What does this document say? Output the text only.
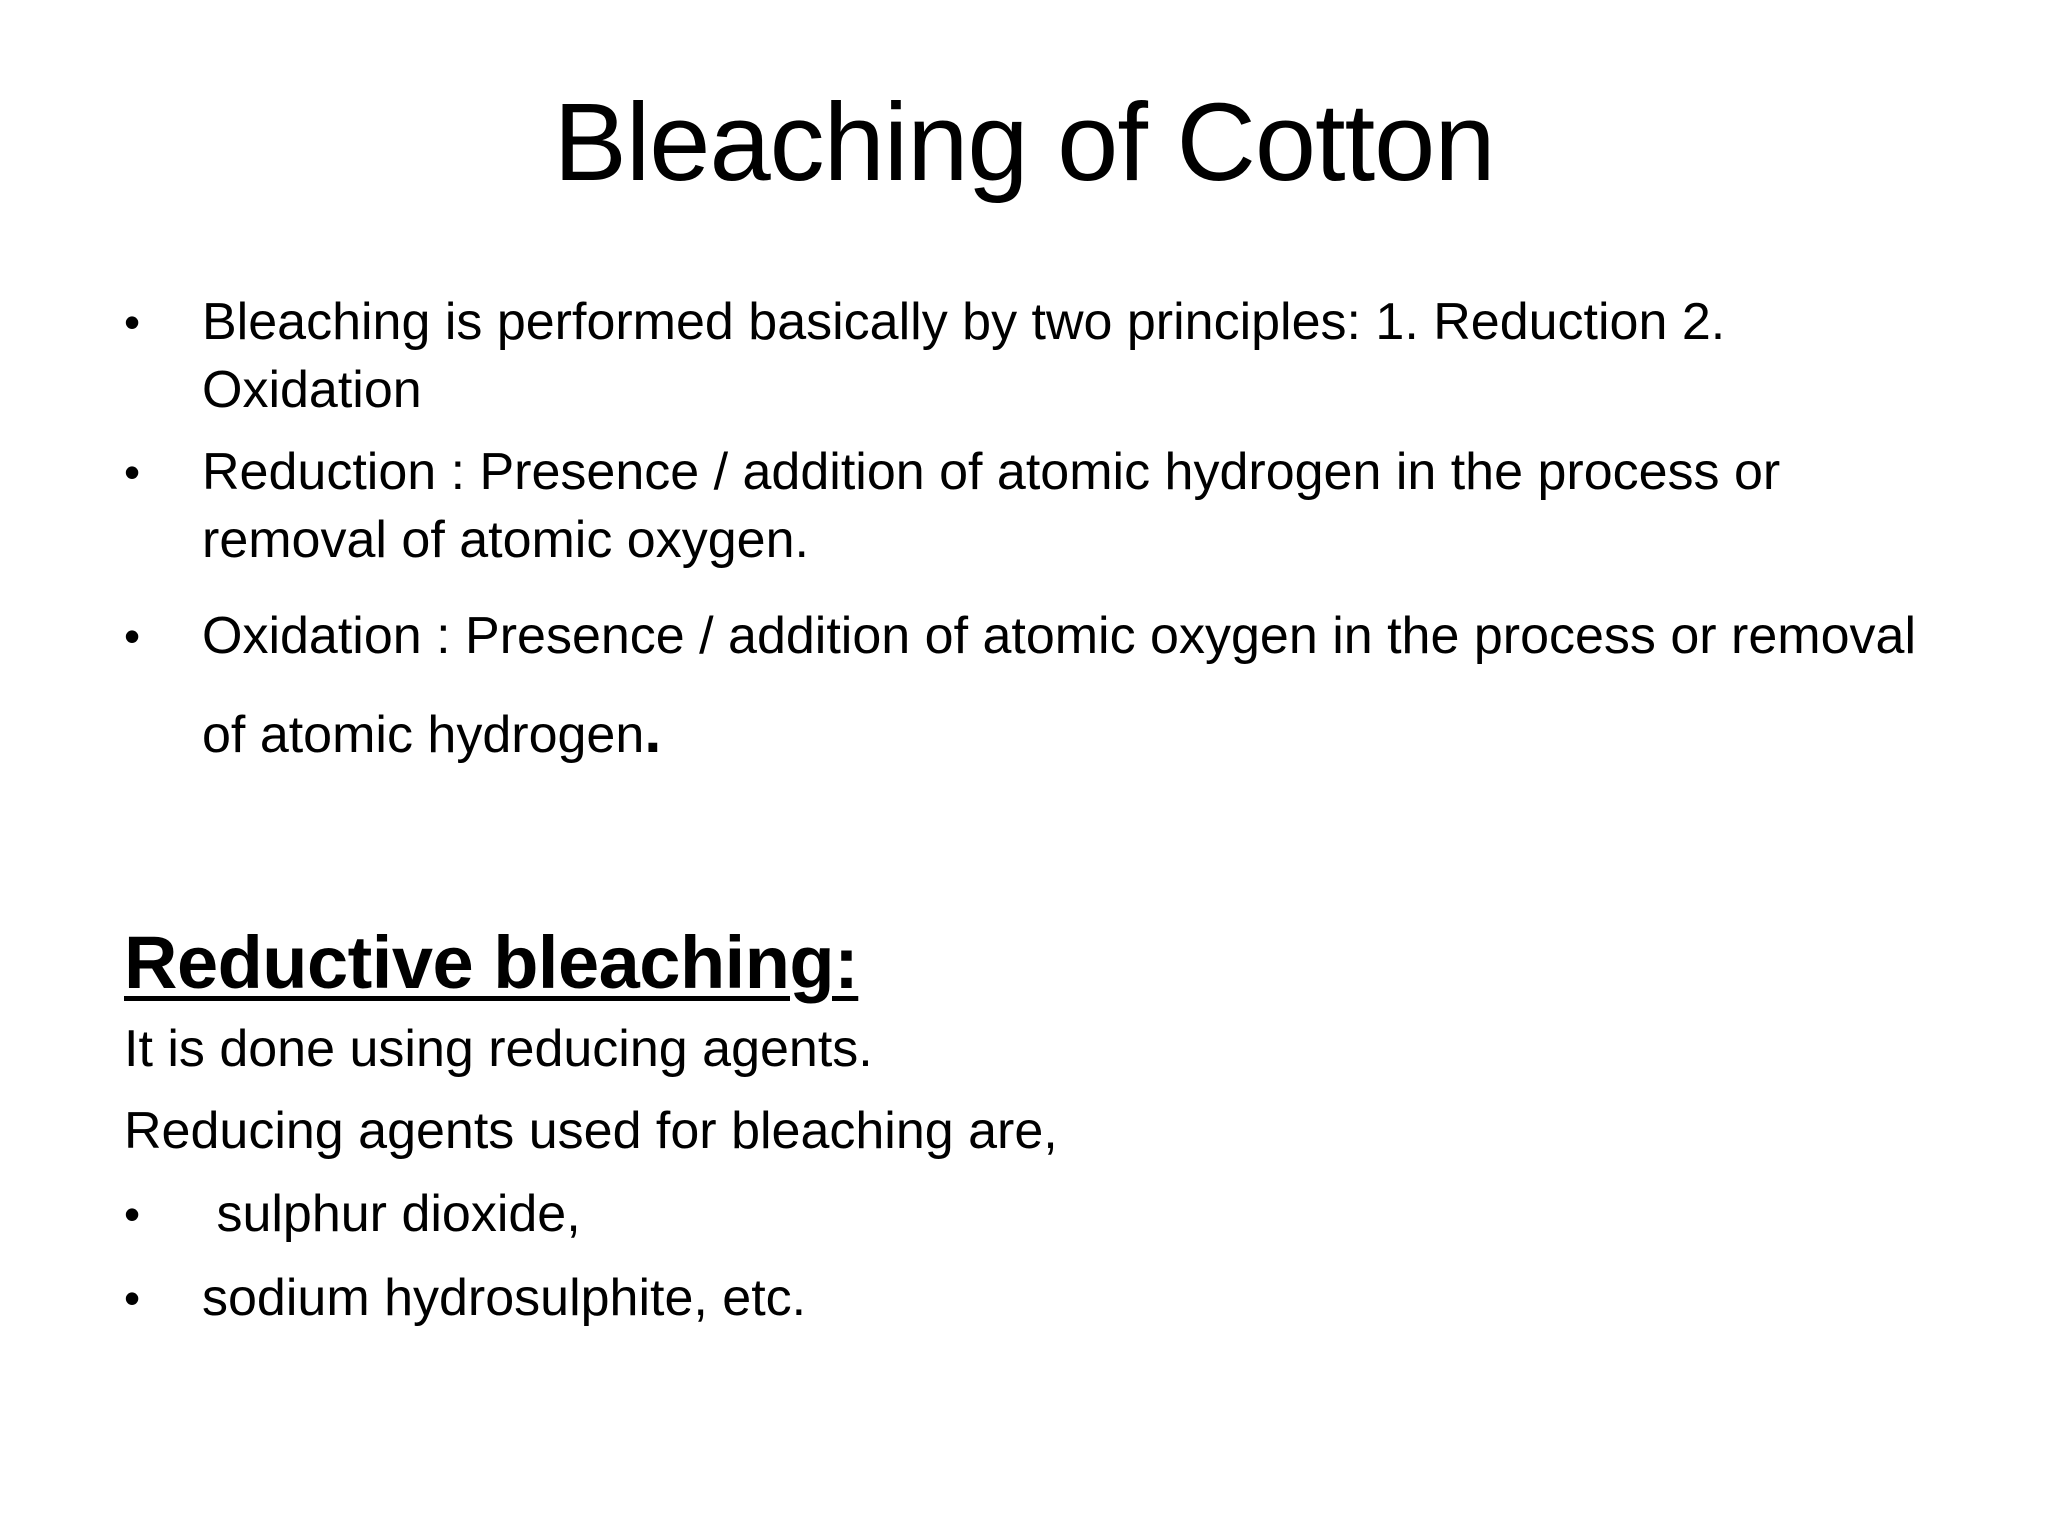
Bleaching of Cotton
•	Bleaching is performed basically by two principles: 1. Reduction 2. Oxidation
•	Reduction : Presence / addition of atomic hydrogen in the process or removal of atomic oxygen.
•	Oxidation : Presence / addition of atomic oxygen in the process or removal of atomic hydrogen.
Reductive bleaching:
It is done using reducing agents.
Reducing agents used for bleaching are,
•	sulphur dioxide,
•	sodium hydrosulphite, etc.
